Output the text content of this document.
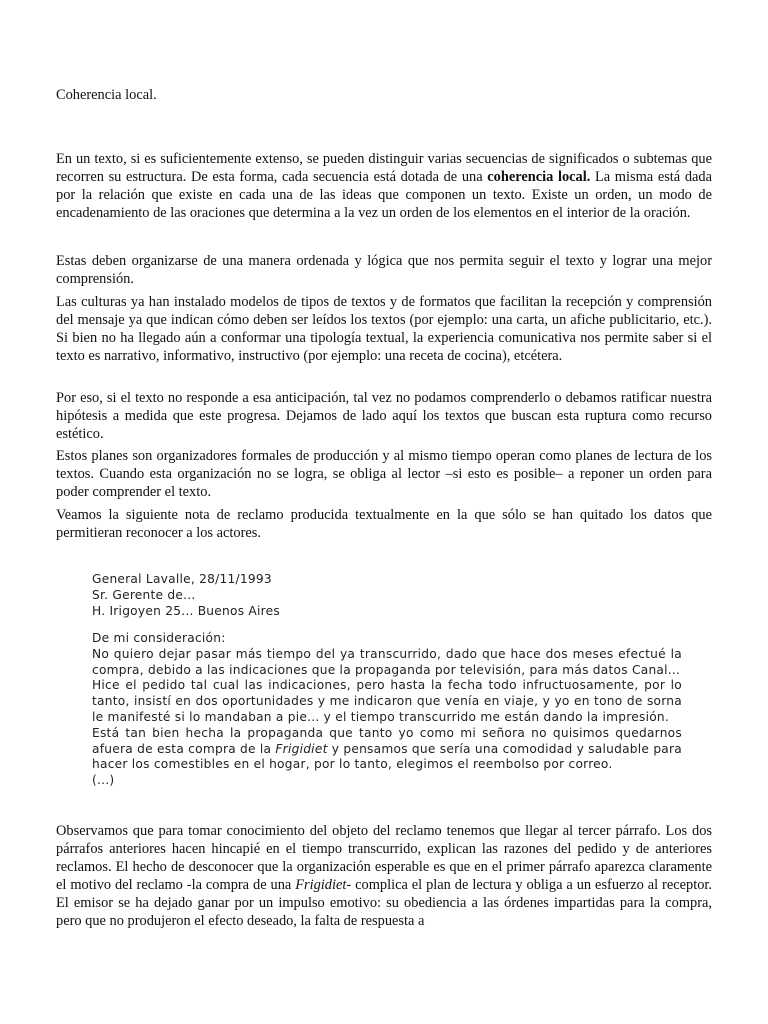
Coherencia local.

En un texto, si es suficientemente extenso, se pueden distinguir varias secuencias de significados o subtemas que recorren su estructura. De esta forma, cada secuencia está dotada de una coherencia local. La misma está dada por la relación que existe en cada una de las ideas que componen un texto. Existe un orden, un modo de encadenamiento de las oraciones que determina a la vez un orden de los elementos en el interior de la oración.

Estas deben organizarse de una manera ordenada y lógica que nos permita seguir el texto y lograr una mejor comprensión.

Las culturas ya han instalado modelos de tipos de textos y de formatos que facilitan la recepción y comprensión del mensaje ya que indican cómo deben ser leídos los textos (por ejemplo: una carta, un afiche publicitario, etc.). Si bien no ha llegado aún a conformar una tipología textual, la experiencia comunicativa nos permite saber si el texto es narrativo, informativo, instructivo (por ejemplo: una receta de cocina), etcétera.

Por eso, si el texto no responde a esa anticipación, tal vez no podamos comprenderlo o debamos ratificar nuestra hipótesis a medida que este progresa. Dejamos de lado aquí los textos que buscan esta ruptura como recurso estético.

Estos planes son organizadores formales de producción y al mismo tiempo operan como planes de lectura de los textos. Cuando esta organización no se logra, se obliga al lector –si esto es posible– a reponer un orden para poder comprender el texto.

Veamos la siguiente nota de reclamo producida textualmente en la que sólo se han quitado los datos que permitieran reconocer a los actores.

General Lavalle, 28/11/1993
Sr. Gerente de...
H. Irigoyen 25... Buenos Aires
De mi consideración:
No quiero dejar pasar más tiempo del ya transcurrido, dado que hace dos meses efectué la compra, debido a las indicaciones que la propaganda por televisión, para más datos Canal...
Hice el pedido tal cual las indicaciones, pero hasta la fecha todo infructuosamente, por lo tanto, insistí en dos oportunidades y me indicaron que venía en viaje, y yo en tono de sorna le manifesté si lo mandaban a pie... y el tiempo transcurrido me están dando la impresión.
Está tan bien hecha la propaganda que tanto yo como mi señora no quisimos quedarnos afuera de esta compra de la Frigidiet y pensamos que sería una comodidad y saludable para hacer los comestibles en el hogar, por lo tanto, elegimos el reembolso por correo.
(...)

Observamos que para tomar conocimiento del objeto del reclamo tenemos que llegar al tercer párrafo. Los dos párrafos anteriores hacen hincapié en el tiempo transcurrido, explican las razones del pedido y de anteriores reclamos. El hecho de desconocer que la organización esperable es que en el primer párrafo aparezca claramente el motivo del reclamo -la compra de una Frigidiet- complica el plan de lectura y obliga a un esfuerzo al receptor. El emisor se ha dejado ganar por un impulso emotivo: su obediencia a las órdenes impartidas para la compra, pero que no produjeron el efecto deseado, la falta de respuesta a
